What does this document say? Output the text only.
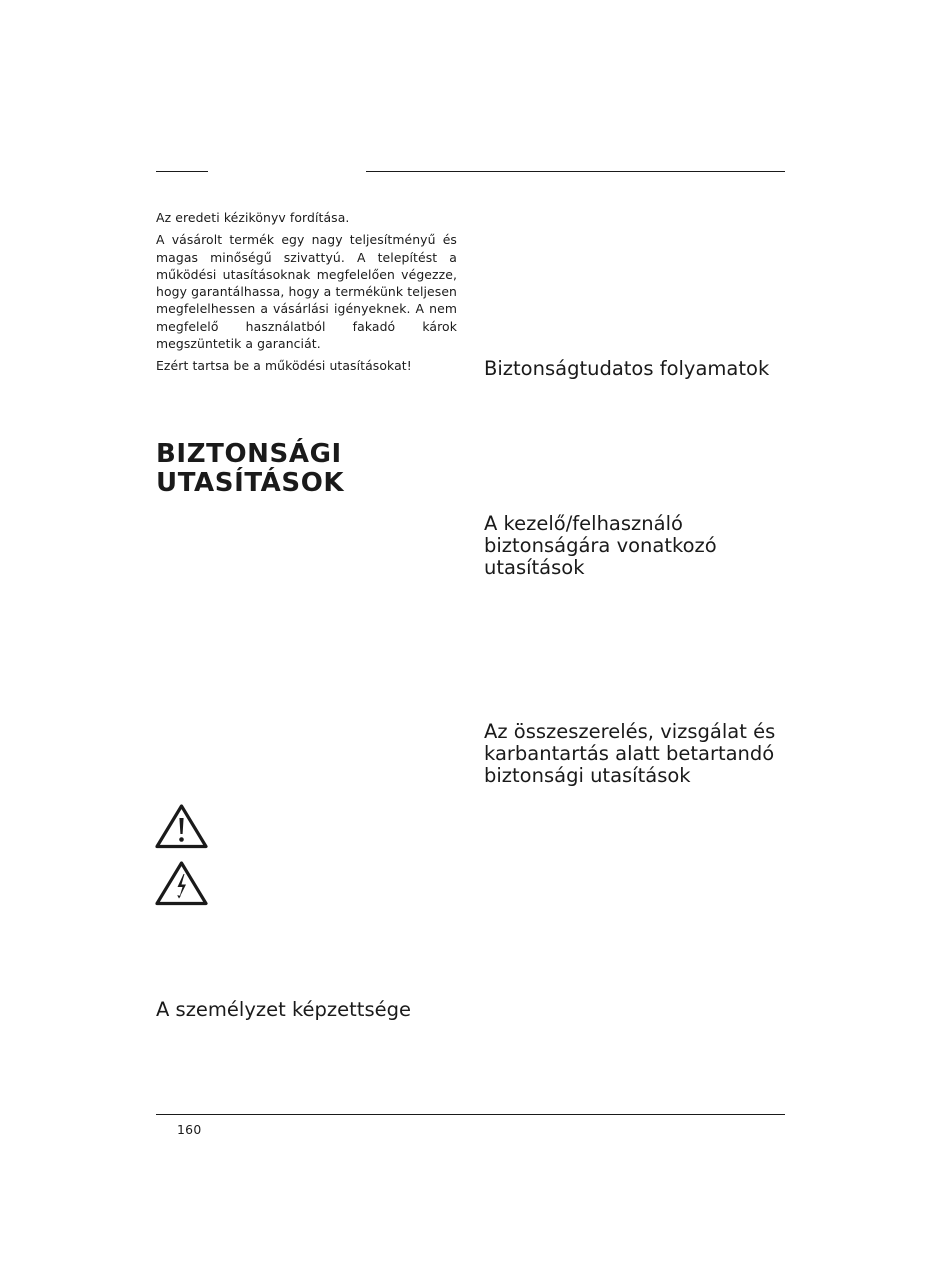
Az eredeti kézikönyv fordítása.

A vásárolt termék egy nagy teljesítményű és magas minőségű szivattyú. A telepítést a működési utasításoknak megfelelően végezze, hogy garantálhassa, hogy a termékünk teljesen megfelelhessen a vásárlási igényeknek. A nem megfelelő használatból fakadó károk megszüntetik a garanciát.

Ezért tartsa be a működési utasításokat!

BIZTONSÁGI
UTASÍTÁSOK
Biztonságtudatos folyamatok
A kezelő/felhasználó biztonságára vonatkozó utasítások
Az összeszerelés, vizsgálat és karbantartás alatt betartandó biztonsági utasítások
A személyzet képzettsége
160
